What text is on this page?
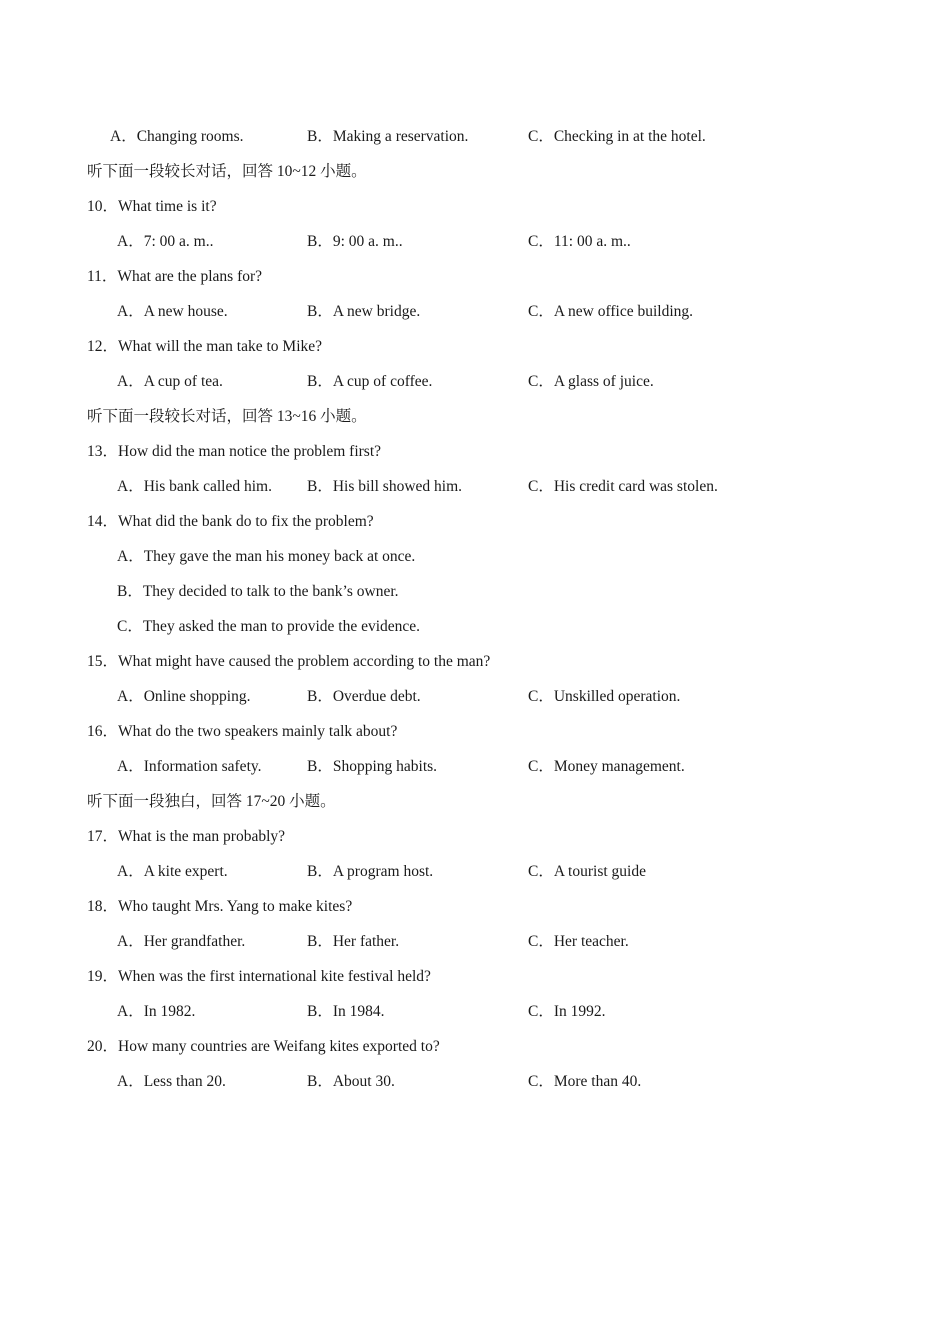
A．Changing rooms.	B．Making a reservation.	C．Checking in at the hotel.
听下面一段较长对话，回答 10~12 小题。
10．What time is it?
A．7: 00 a. m..	B．9: 00 a. m..	C．11: 00 a. m..
11．What are the plans for?
A．A new house.	B．A new bridge.	C．A new office building.
12．What will the man take to Mike?
A．A cup of tea.	B．A cup of coffee.	C．A glass of juice.
听下面一段较长对话，回答 13~16 小题。
13．How did the man notice the problem first?
A．His bank called him. B．His bill showed him.	C．His credit card was stolen.
14．What did the bank do to fix the problem?
A．They gave the man his money back at once.
B．They decided to talk to the bank’s owner.
C．They asked the man to provide the evidence.
15．What might have caused the problem according to the man?
A．Online shopping.	B．Overdue debt.	C．Unskilled operation.
16．What do the two speakers mainly talk about?
A．Information safety.	B．Shopping habits.	C．Money management.
听下面一段独白，回答 17~20 小题。
17．What is the man probably?
A．A kite expert.	B．A program host.	C．A tourist guide
18．Who taught Mrs. Yang to make kites?
A．Her grandfather.	B．Her father.	C．Her teacher.
19．When was the first international kite festival held?
A．In 1982.	B．In 1984.	C．In 1992.
20．How many countries are Weifang kites exported to?
A．Less than 20.	B．About 30.	C．More than 40.
